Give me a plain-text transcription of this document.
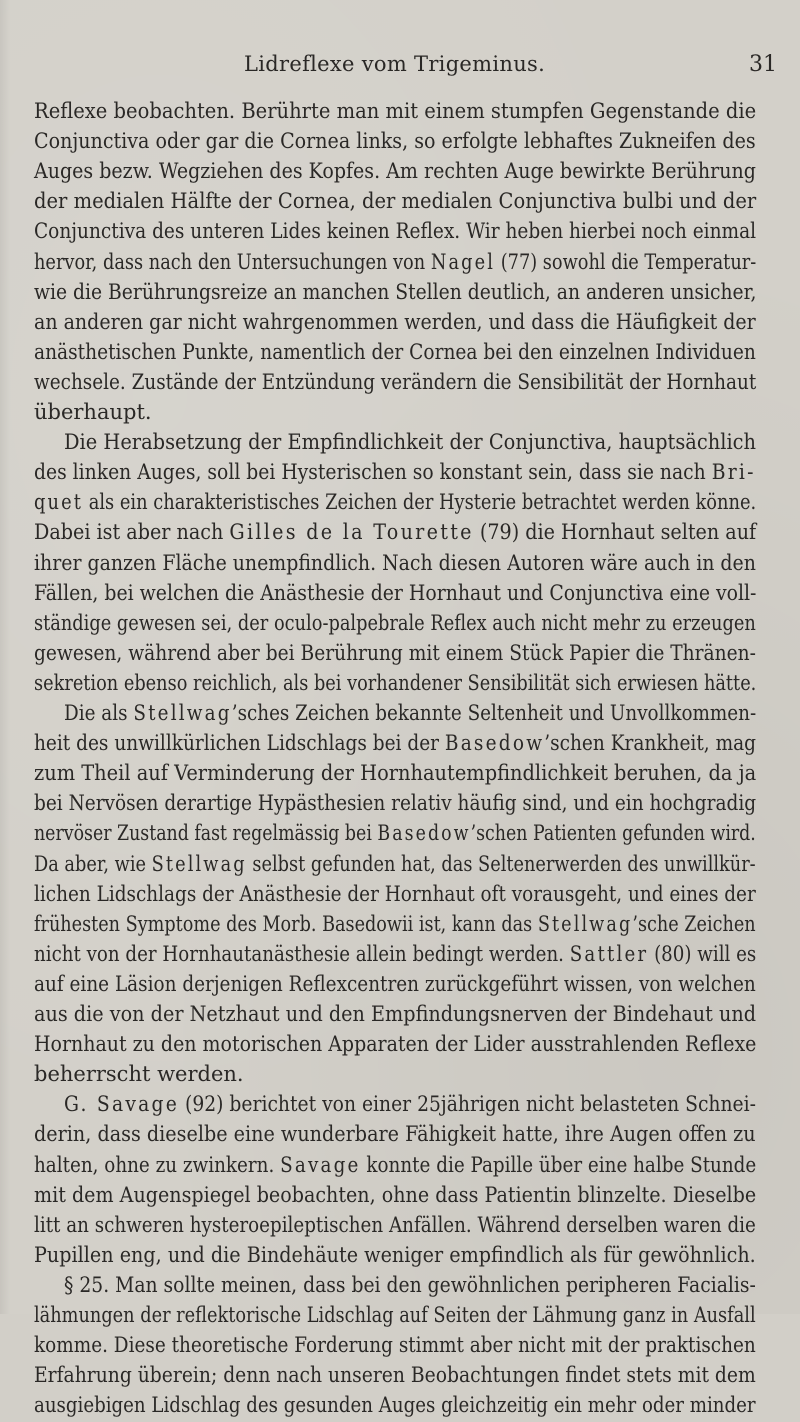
Lidreflexe vom Trigeminus.	31
Reflexe beobachten. Berührte man mit einem stumpfen Gegenstande die
Conjunctiva oder gar die Cornea links, so erfolgte lebhaftes Zukneifen des
Auges bezw. Wegziehen des Kopfes. Am rechten Auge bewirkte Berührung
der medialen Hälfte der Cornea, der medialen Conjunctiva bulbi und der
Conjunctiva des unteren Lides keinen Reflex. Wir heben hierbei noch einmal
hervor, dass nach den Untersuchungen von Nagel (77) sowohl die Temperatur-
wie die Berührungsreize an manchen Stellen deutlich, an anderen unsicher,
an anderen gar nicht wahrgenommen werden, und dass die Häufigkeit der
anästhetischen Punkte, namentlich der Cornea bei den einzelnen Individuen
wechsele. Zustände der Entzündung verändern die Sensibilität der Hornhaut
überhaupt.
Die Herabsetzung der Empfindlichkeit der Conjunctiva, hauptsächlich
des linken Auges, soll bei Hysterischen so konstant sein, dass sie nach Bri-
quet als ein charakteristisches Zeichen der Hysterie betrachtet werden könne.
Dabei ist aber nach Gilles de la Tourette (79) die Hornhaut selten auf
ihrer ganzen Fläche unempfindlich. Nach diesen Autoren wäre auch in den
Fällen, bei welchen die Anästhesie der Hornhaut und Conjunctiva eine voll-
ständige gewesen sei, der oculo-palpebrale Reflex auch nicht mehr zu erzeugen
gewesen, während aber bei Berührung mit einem Stück Papier die Thränen-
sekretion ebenso reichlich, als bei vorhandener Sensibilität sich erwiesen hätte.
Die als Stellwag’sches Zeichen bekannte Seltenheit und Unvollkommen-
heit des unwillkürlichen Lidschlags bei der Basedow’schen Krankheit, mag
zum Theil auf Verminderung der Hornhautempfindlichkeit beruhen, da ja
bei Nervösen derartige Hypästhesien relativ häufig sind, und ein hochgradig
nervöser Zustand fast regelmässig bei Basedow’schen Patienten gefunden wird.
Da aber, wie Stellwag selbst gefunden hat, das Seltenerwerden des unwillkür-
lichen Lidschlags der Anästhesie der Hornhaut oft vorausgeht, und eines der
frühesten Symptome des Morb. Basedowii ist, kann das Stellwag’sche Zeichen
nicht von der Hornhautanästhesie allein bedingt werden. Sattler (80) will es
auf eine Läsion derjenigen Reflexcentren zurückgeführt wissen, von welchen
aus die von der Netzhaut und den Empfindungsnerven der Bindehaut und
Hornhaut zu den motorischen Apparaten der Lider ausstrahlenden Reflexe
beherrscht werden.
G. Savage (92) berichtet von einer 25jährigen nicht belasteten Schnei-
derin, dass dieselbe eine wunderbare Fähigkeit hatte, ihre Augen offen zu
halten, ohne zu zwinkern. Savage konnte die Papille über eine halbe Stunde
mit dem Augenspiegel beobachten, ohne dass Patientin blinzelte. Dieselbe
litt an schweren hysteroepileptischen Anfällen. Während derselben waren die
Pupillen eng, und die Bindehäute weniger empfindlich als für gewöhnlich.
§ 25. Man sollte meinen, dass bei den gewöhnlichen peripheren Facialis-
lähmungen der reflektorische Lidschlag auf Seiten der Lähmung ganz in Ausfall
komme. Diese theoretische Forderung stimmt aber nicht mit der praktischen
Erfahrung überein; denn nach unseren Beobachtungen findet stets mit dem
ausgiebigen Lidschlag des gesunden Auges gleichzeitig ein mehr oder minder
